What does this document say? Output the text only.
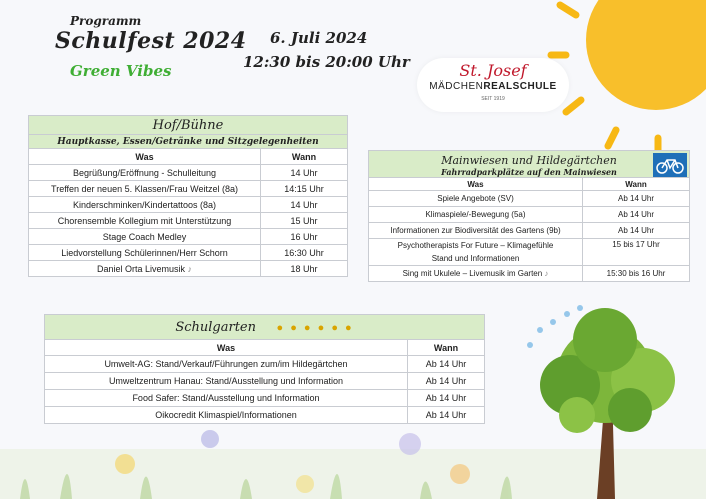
Programm
Schulfest 2024
Green Vibes
6. Juli 2024
12:30 bis 20:00 Uhr	St. Josef
MÄDCHENREALSCHULE
SEIT 1919
Hof/Bühne	
Hauptkasse, Essen/Getränke und Sitzgelegenheiten	
Was	Wann
Begrüßung/Eröffnung - Schulleitung	14 Uhr
Treffen der neuen 5. Klassen/Frau Weitzel (8a)	14:15 Uhr
Kinderschminken/Kindertattoos (8a)	14 Uhr
Chorensemble Kollegium mit Unterstützung	15 Uhr
Stage Coach Medley	16 Uhr
Liedvorstellung Schülerinnen/Herr Schorn	16:30 Uhr
Daniel Orta Livemusik ♪	18 Uhr
Mainwiesen und Hildegärtchen
Fahrradparkplätze auf den Mainwiesen	

Was	Wann
Spiele Angebote (SV)	Ab 14 Uhr
Klimaspiele/-Bewegung (5a)	Ab 14 Uhr
Informationen zur Biodiversität des Gartens (9b)	Ab 14 Uhr

Psychotherapists For Future – Klimagefühle
Stand und Informationen	15 bis 17 Uhr
Sing mit Ukulele – Livemusik im Garten ♪	15:30 bis 16 Uhr
Schulgarten ● ● ● ● ● ●	
Was	Wann
Umwelt-AG: Stand/Verkauf/Führungen zum/im Hildegärtchen	Ab 14 Uhr
Umweltzentrum Hanau: Stand/Ausstellung und Information	Ab 14 Uhr
Food Safer: Stand/Ausstellung und Information	Ab 14 Uhr
Oikocredit Klimaspiel/Informationen	Ab 14 Uhr
